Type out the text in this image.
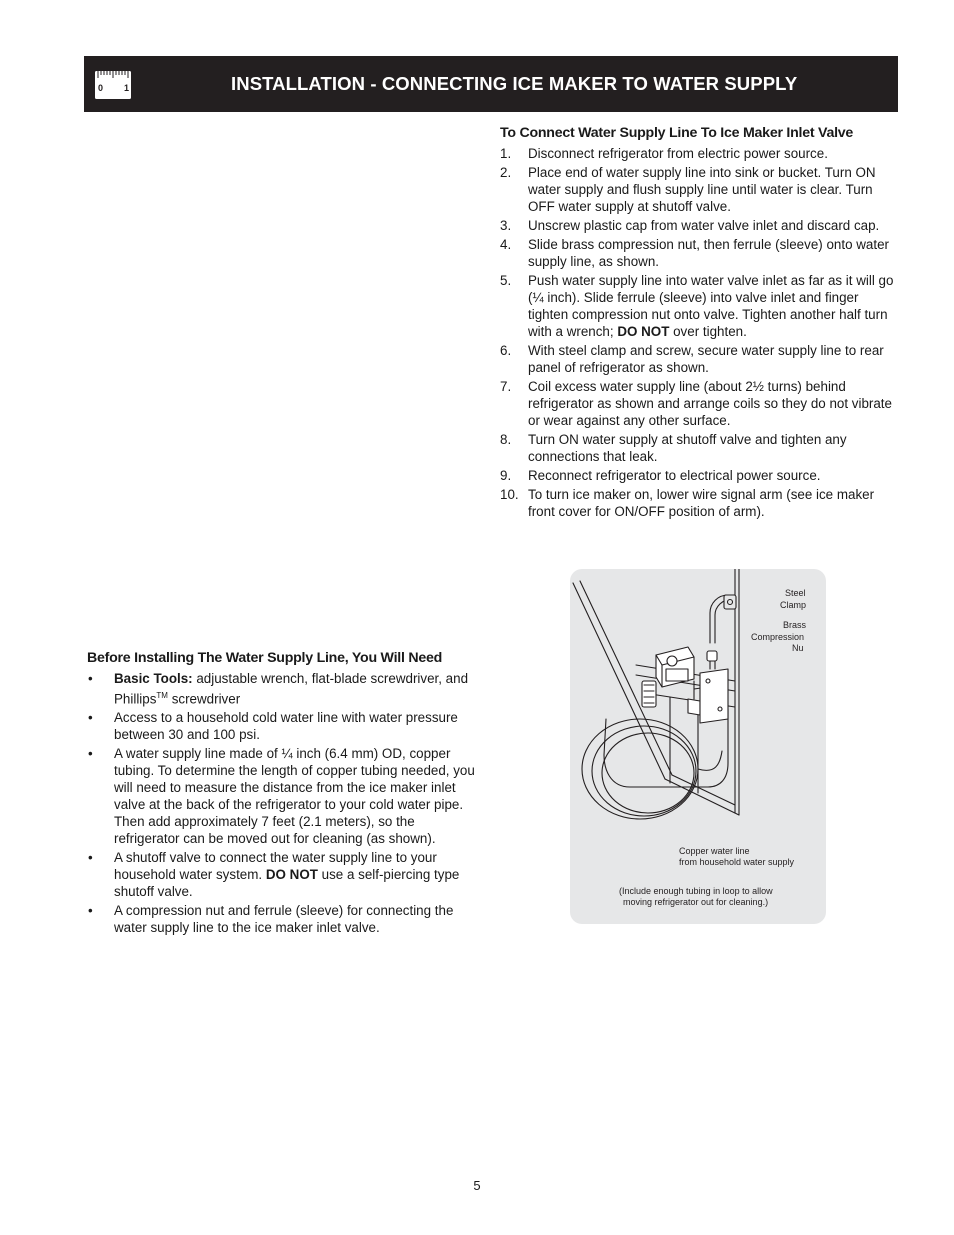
0 1	INSTALLATION - CONNECTING ICE MAKER TO WATER SUPPLY
To Connect Water Supply Line To Ice Maker Inlet Valve
1. Disconnect refrigerator from electric power source.
2. Place end of water supply line into sink or bucket. Turn ON water supply and flush supply line until water is clear. Turn OFF water supply at shutoff valve.
3. Unscrew plastic cap from water valve inlet and discard cap.
4. Slide brass compression nut, then ferrule (sleeve) onto water supply line, as shown.
5. Push water supply line into water valve inlet as far as it will go (¼ inch). Slide ferrule (sleeve) into valve inlet and finger tighten compression nut onto valve. Tighten another half turn with a wrench; DO NOT over tighten.
6. With steel clamp and screw, secure water supply line to rear panel of refrigerator as shown.
7. Coil excess water supply line (about 2½ turns) behind refrigerator as shown and arrange coils so they do not vibrate or wear against any other surface.
8. Turn ON water supply at shutoff valve and tighten any connections that leak.
9. Reconnect refrigerator to electrical power source.
10. To turn ice maker on, lower wire signal arm (see ice maker front cover for ON/OFF position of arm).
Before Installing The Water Supply Line, You Will Need
• Basic Tools: adjustable wrench, flat-blade screwdriver, and Phillips™ screwdriver
• Access to a household cold water line with water pressure between 30 and 100 psi.
• A water supply line made of ¼ inch (6.4 mm) OD, copper tubing. To determine the length of copper tubing needed, you will need to measure the distance from the ice maker inlet valve at the back of the refrigerator to your cold water pipe. Then add approximately 7 feet (2.1 meters), so the refrigerator can be moved out for cleaning (as shown).
• A shutoff valve to connect the water supply line to your household water system. DO NOT use a self-piercing type shutoff valve.
• A compression nut and ferrule (sleeve) for connecting the water supply line to the ice maker inlet valve.
Steel
Clamp
Brass
Compression
Nu
Copper water line
from household water supply
(Include enough tubing in loop to allow
moving refrigerator out for cleaning.)
5
